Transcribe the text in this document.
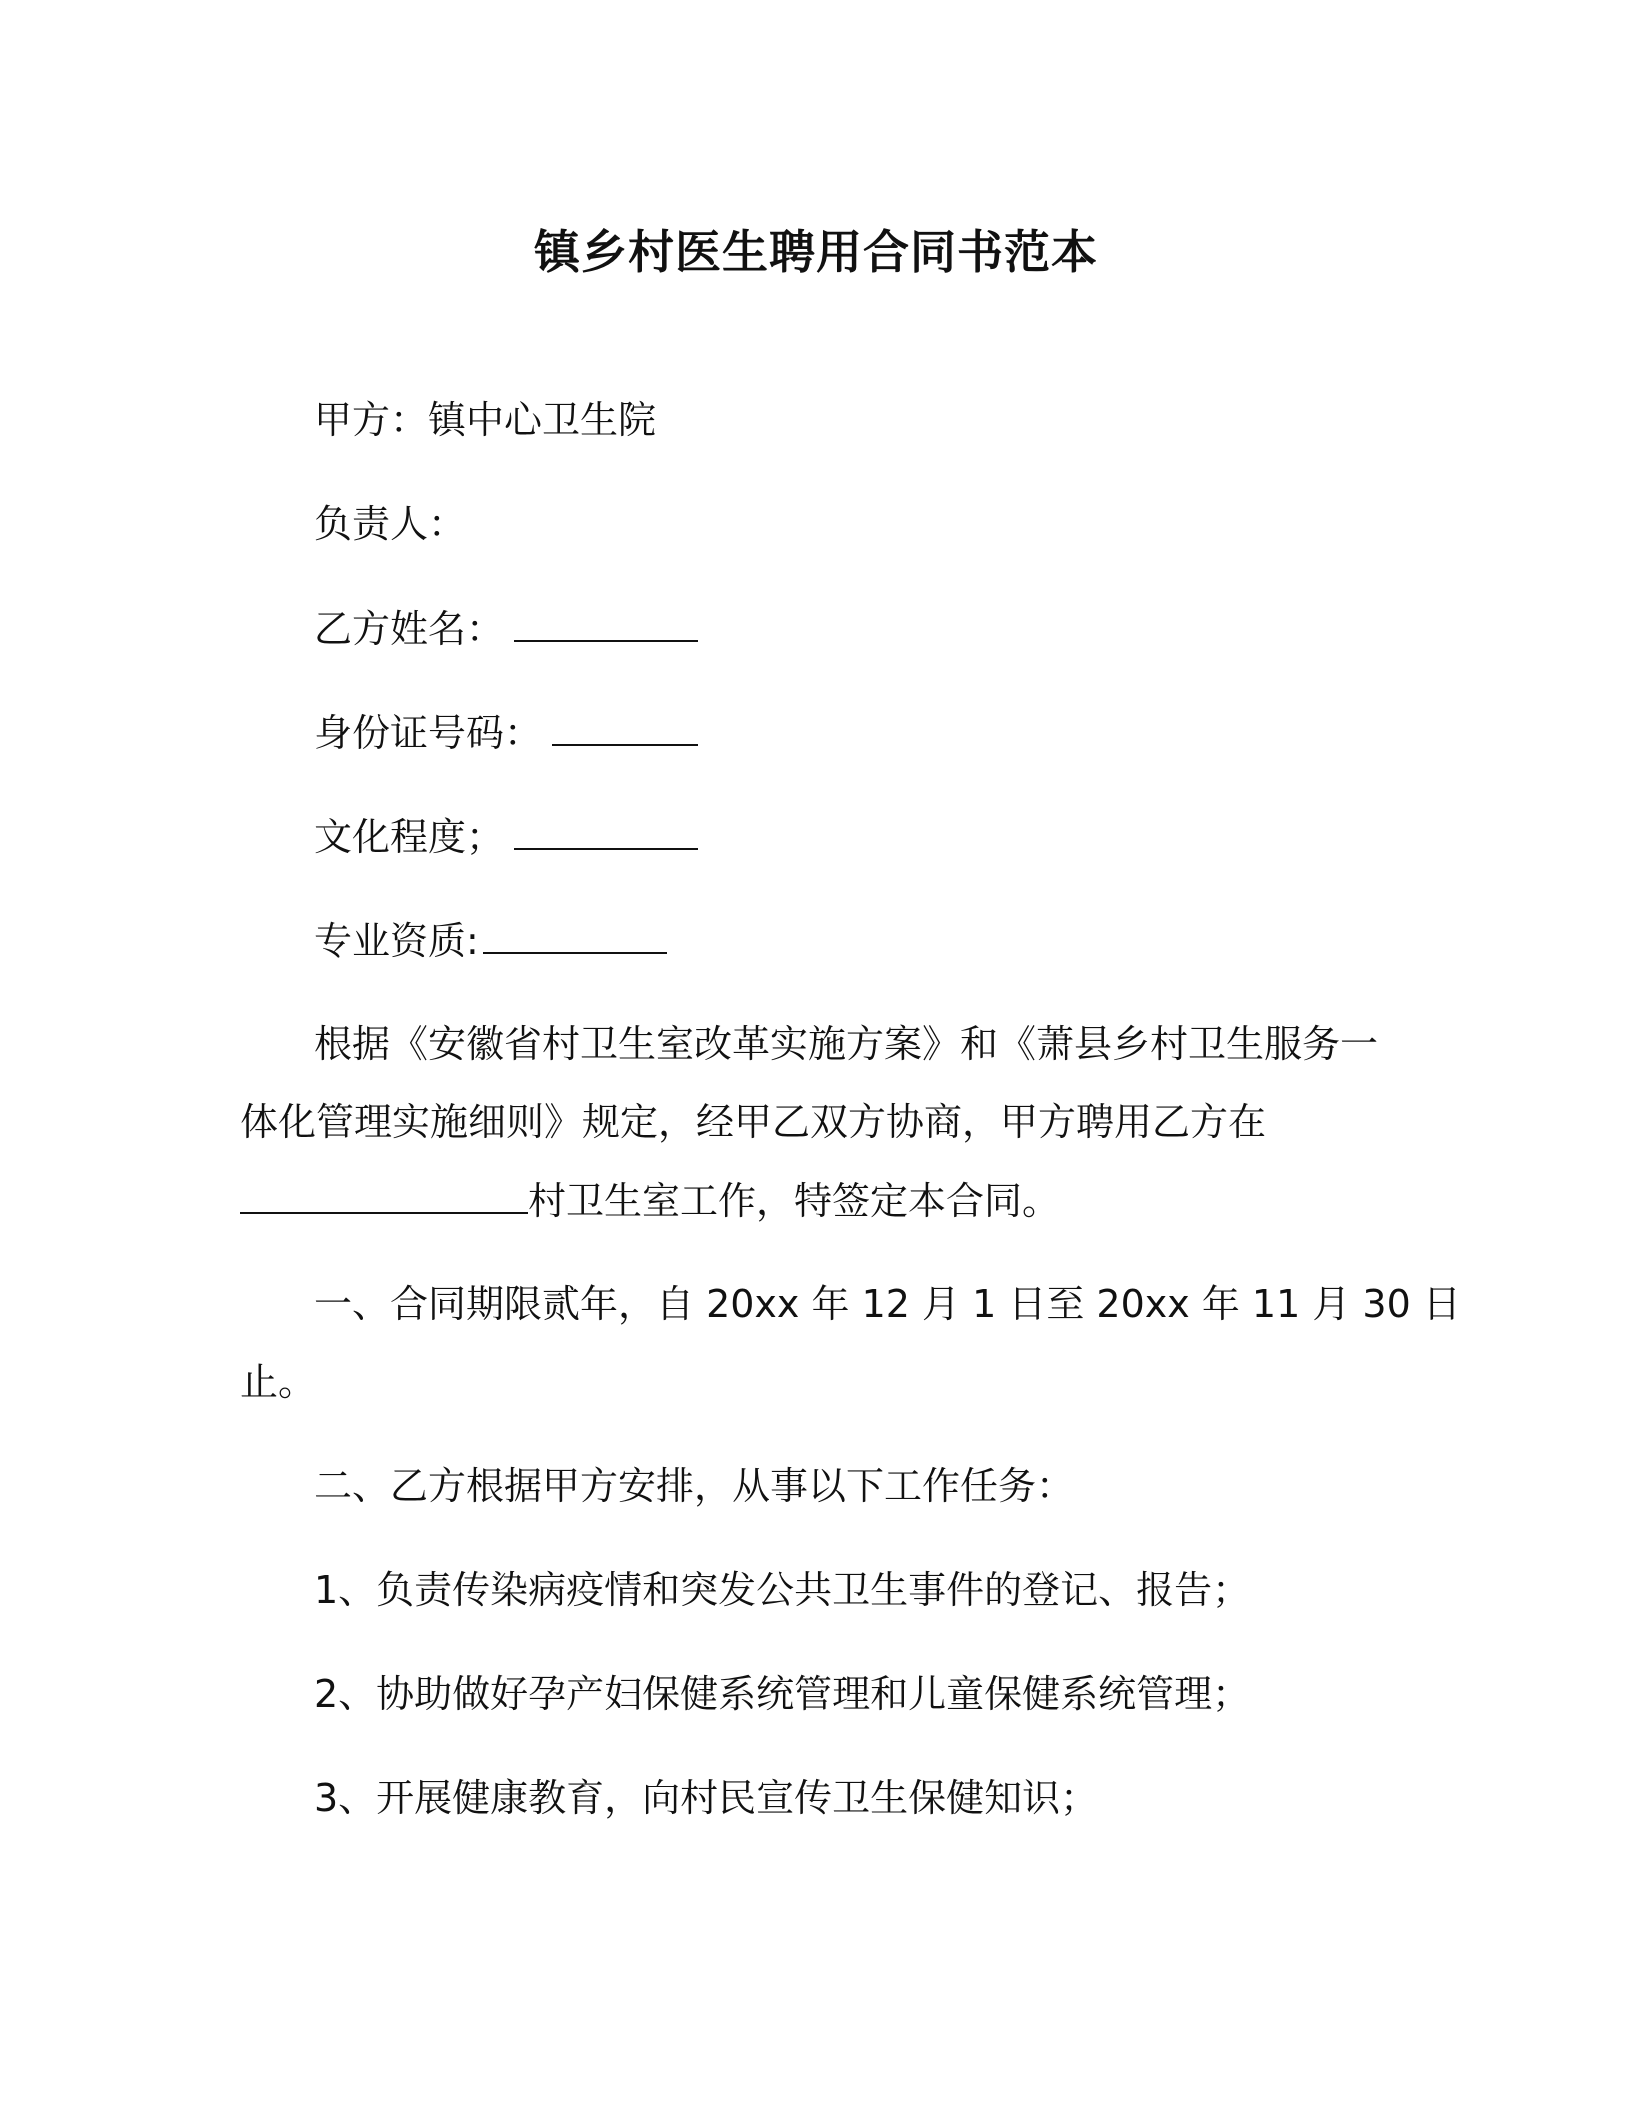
镇乡村医生聘用合同书范本
甲方：镇中心卫生院
负责人：
乙方姓名：
身份证号码：
文化程度；
专业资质:
根据《安徽省村卫生室改革实施方案》和《萧县乡村卫生服务一
体化管理实施细则》规定，经甲乙双方协商，甲方聘用乙方在
村卫生室工作，特签定本合同。
一、合同期限贰年，自 20xx 年 12 月 1 日至 20xx 年 11 月 30 日
止。
二、乙方根据甲方安排，从事以下工作任务：
1、负责传染病疫情和突发公共卫生事件的登记、报告；
2、协助做好孕产妇保健系统管理和儿童保健系统管理；
3、开展健康教育，向村民宣传卫生保健知识；
